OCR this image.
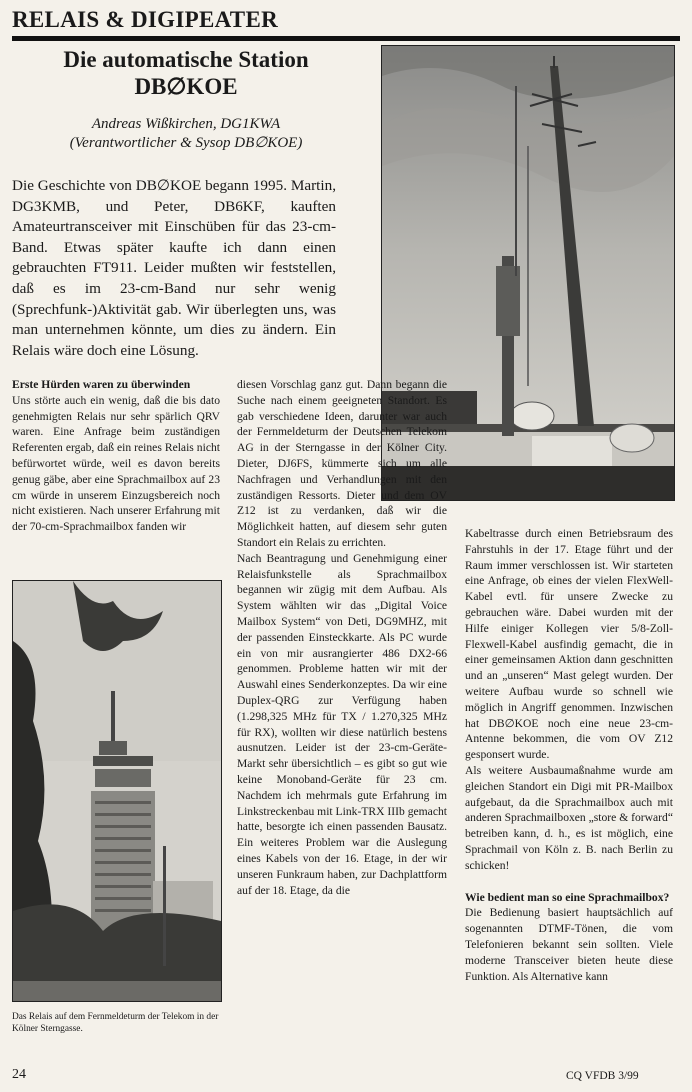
RELAIS & DIGIPEATER
Die automatische Station
DB∅KOE
Andreas Wißkirchen, DG1KWA
(Verantwortlicher & Sysop DB∅KOE)
Die Geschichte von DB∅KOE begann 1995. Martin, DG3KMB, und Peter, DB6KF, kauften Amateurtransceiver mit Einschüben für das 23-cm-Band. Etwas später kaufte ich dann einen gebrauchten FT911. Leider mußten wir feststellen, daß es im 23-cm-Band nur sehr wenig (Sprechfunk-)Aktivität gab. Wir überlegten uns, was man unternehmen könnte, um dies zu ändern. Ein Relais wäre doch eine Lösung.
Erste Hürden waren zu überwinden

Uns störte auch ein wenig, daß die bis dato genehmigten Relais nur sehr spärlich QRV waren. Eine Anfrage beim zuständigen Referenten ergab, daß ein reines Relais nicht befürwortet würde, weil es davon bereits genug gäbe, aber eine Sprachmailbox auf 23 cm würde in unserem Einzugsbereich noch nicht existieren. Nach unserer Erfahrung mit der 70-cm-Sprachmailbox fanden wir

Das Relais auf dem Fernmeldeturm der Telekom in der Kölner Sterngasse.

diesen Vorschlag ganz gut. Dann begann die Suche nach einem geeigneten Standort. Es gab verschiedene Ideen, darunter war auch der Fernmeldeturm der Deutschen Telekom AG in der Sterngasse in der Kölner City. Dieter, DJ6FS, kümmerte sich um alle Nachfragen und Verhandlungen mit den zuständigen Ressorts. Dieter und dem OV Z12 ist zu verdanken, daß wir die Möglichkeit hatten, auf diesem sehr guten Standort ein Relais zu errichten.

Nach Beantragung und Genehmigung einer Relaisfunkstelle als Sprachmailbox begannen wir zügig mit dem Aufbau. Als System wählten wir das „Digital Voice Mailbox System“ von Deti, DG9MHZ, mit der passenden Einsteckkarte. Als PC wurde ein von mir ausrangierter 486 DX2-66 genommen. Probleme hatten wir mit der Auswahl eines Senderkonzeptes. Da wir eine Duplex-QRG zur Verfügung haben (1.298,325 MHz für TX / 1.270,325 MHz für RX), wollten wir diese natürlich bestens ausnutzen. Leider ist der 23-cm-Geräte-Markt sehr übersichtlich – es gibt so gut wie keine Monoband-Geräte für 23 cm. Nachdem ich mehrmals gute Erfahrung im Linkstreckenbau mit Link-TRX IIIb gemacht hatte, besorgte ich einen passenden Bausatz. Ein weiteres Problem war die Auslegung eines Kabels von der 16. Etage, in der wir unseren Funkraum haben, zur Dachplattform auf der 18. Etage, da die

Kabeltrasse durch einen Betriebsraum des Fahrstuhls in der 17. Etage führt und der Raum immer verschlossen ist. Wir starteten eine Anfrage, ob eines der vielen FlexWell-Kabel evtl. für unsere Zwecke zu gebrauchen wäre. Dabei wurden mit der Hilfe einiger Kollegen vier 5/8-Zoll-Flexwell-Kabel ausfindig gemacht, die in einer gemeinsamen Aktion dann geschnitten und an „unseren“ Mast gelegt wurden. Der weitere Aufbau wurde so schnell wie möglich in Angriff genommen. Inzwischen hat DB∅KOE noch eine neue 23-cm-Antenne bekommen, die vom OV Z12 gesponsert wurde.

Als weitere Ausbaumaßnahme wurde am gleichen Standort ein Digi mit PR-Mailbox aufgebaut, da die Sprachmailbox auch mit anderen Sprachmailboxen „store & forward“ betreiben kann, d. h., es ist möglich, eine Sprachmail von Köln z. B. nach Berlin zu schicken!

Wie bedient man so eine Sprachmailbox?

Die Bedienung basiert hauptsächlich auf sogenannten DTMF-Tönen, die vom Telefonieren bekannt sein sollten. Viele moderne Transceiver bieten heute diese Funktion. Als Alternative kann

24	CQ VFDB 3/99
